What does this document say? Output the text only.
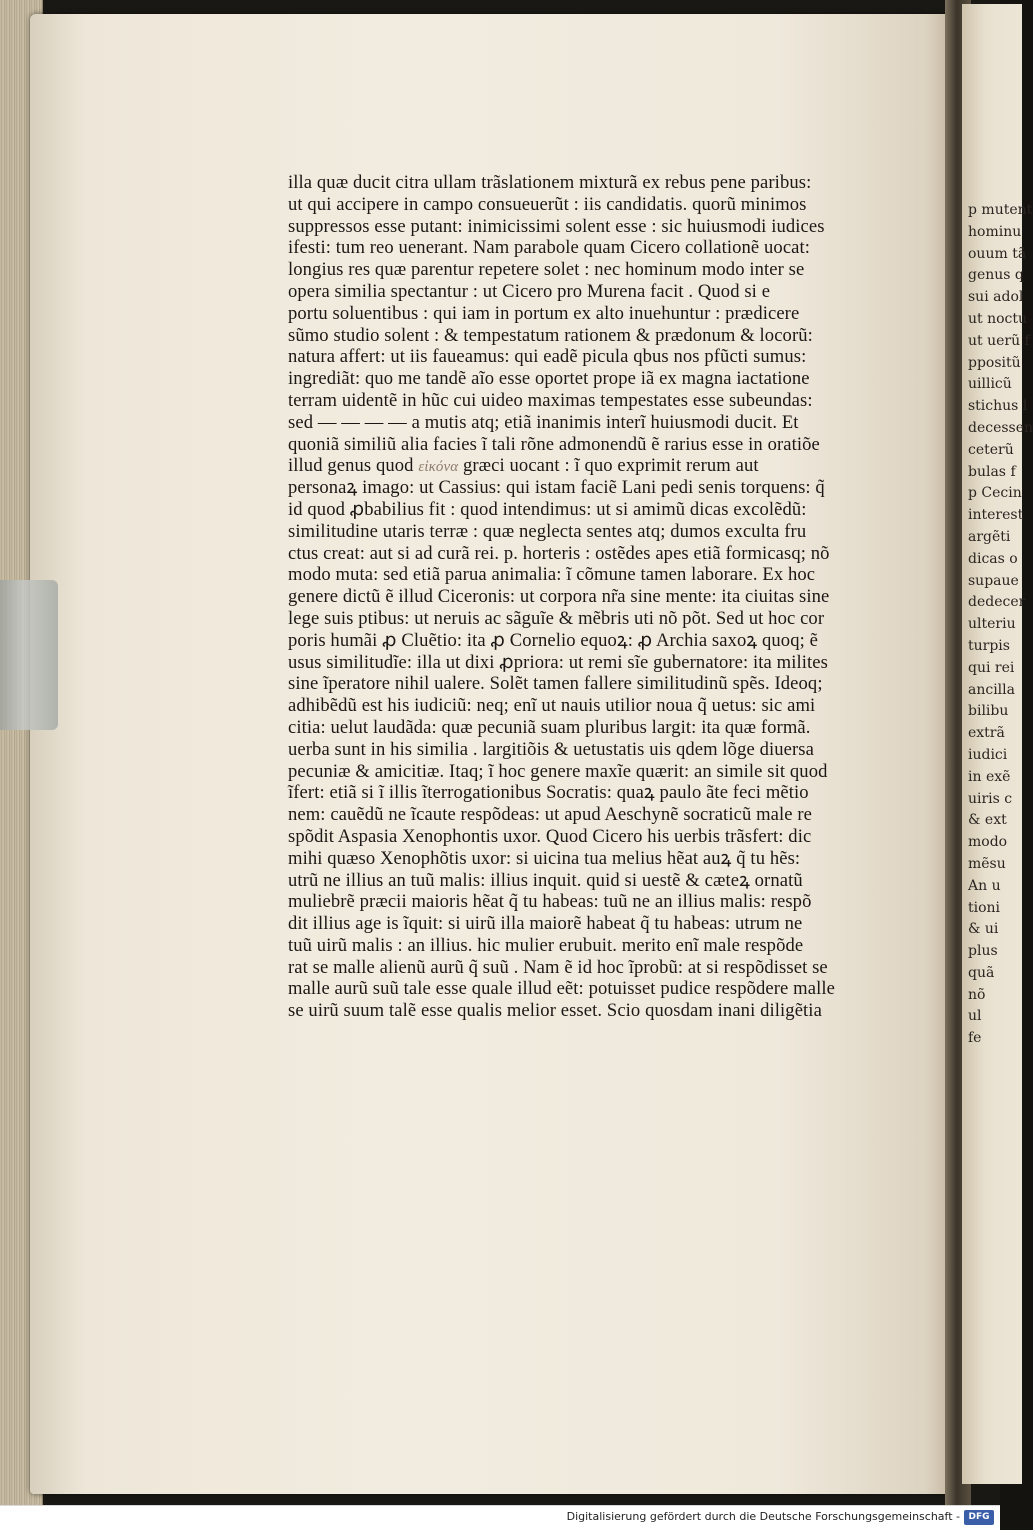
p mutent
hominu
ouum tã
genus q
sui adol
ut noctu
ut uerũ f
ppositũ
uillicũ
stichus l
decessen
ceterũ
bulas f
p Cecin
interest
argẽti
dicas o
supaue
dedecer
ulteriu
turpis
qui rei
ancilla
bilibu
extrã
iudici
in exẽ
uiris c
& ext
modo
mẽsu
An u
tioni
& ui
plus
quã
nõ
ul
fe
illa quæ ducit citra ullam trãslationem mixturã ex rebus pene paribus:
ut qui accipere in campo consueuerũt : iis candidatis. quorũ minimos
suppressos esse putant: inimicissimi solent esse : sic huiusmodi iudices
ifesti: tum reo uenerant. Nam parabole quam Cicero collationẽ uocat:
longius res quæ parentur repetere solet : nec hominum modo inter se
opera similia spectantur : ut Cicero pro Murena facit . Quod si e
portu soluentibus : qui iam in portum ex alto inuehuntur : prædicere
sũmo studio solent : & tempestatum rationem & prædonum & locorũ:
natura affert: ut iis faueamus: qui eadẽ picula qbus nos pfũcti sumus:
ingrediãt: quo me tandẽ aĩo esse oportet prope iã ex magna iactatione
terram uidentẽ in hũc cui uideo maximas tempestates esse subeundas:
sed — — — — a mutis atq; etiã inanimis interĩ huiusmodi ducit. Et
quoniã similiũ alia facies ĩ tali rõne admonendũ ẽ rarius esse in oratiõe
illud genus quod εἰκόνα græci uocant : ĩ quo exprimit rerum aut
personaꝝ imago: ut Cassius: qui istam faciẽ Lani pedi senis torquens: q̃
id quod ꝓbabilius fit : quod intendimus: ut si amimũ dicas excolẽdũ:
similitudine utaris terræ : quæ neglecta sentes atq; dumos exculta fru
ctus creat: aut si ad curã rei. p. horteris : ostẽdes apes etiã formicasq; nõ
modo muta: sed etiã parua animalia: ĩ cõmune tamen laborare. Ex hoc
genere dictũ ẽ illud Ciceronis: ut corpora nr̃a sine mente: ita ciuitas sine
lege suis ptibus: ut neruis ac sãguĩe & mẽbris uti nõ põt. Sed ut hoc cor
poris humãi ꝓ Cluẽtio: ita ꝓ Cornelio equoꝝ: ꝓ Archia saxoꝝ quoq; ẽ
usus similitudĩe: illa ut dixi ꝓpriora: ut remi sĩe gubernatore: ita milites
sine ĩperatore nihil ualere. Solẽt tamen fallere similitudinũ spẽs. Ideoq;
adhibẽdũ est his iudiciũ: neq; enĩ ut nauis utilior noua q̃ uetus: sic ami
citia: uelut laudãda: quæ pecuniã suam pluribus largit: ita quæ formã.
uerba sunt in his similia . largitiõis & uetustatis uis qdem lõge diuersa
pecuniæ & amicitiæ. Itaq; ĩ hoc genere maxĩe quærit: an simile sit quod
ĩfert: etiã si ĩ illis ĩterrogationibus Socratis: quaꝝ paulo ãte feci mẽtio
nem: cauẽdũ ne ĩcaute respõdeas: ut apud Aeschynẽ socraticũ male re
spõdit Aspasia Xenophontis uxor. Quod Cicero his uerbis trãsfert: dic
mihi quæso Xenophõtis uxor: si uicina tua melius hẽat auꝝ q̃ tu hẽs:
utrũ ne illius an tuũ malis: illius inquit. quid si uestẽ & cæteꝝ ornatũ
muliebrẽ præcii maioris hẽat q̃ tu habeas: tuũ ne an illius malis: respõ
dit illius age is ĩquit: si uirũ illa maiorẽ habeat q̃ tu habeas: utrum ne
tuũ uirũ malis : an illius. hic mulier erubuit. merito enĩ male respõde
rat se malle alienũ aurũ q̃ suũ . Nam ẽ id hoc ĩprobũ: at si respõdisset se
malle aurũ suũ tale esse quale illud eẽt: potuisset pudice respõdere malle
se uirũ suum talẽ esse qualis melior esset. Scio quosdam inani diligẽtia
Digitalisierung gefördert durch die Deutsche Forschungsgemeinschaft - DFG
